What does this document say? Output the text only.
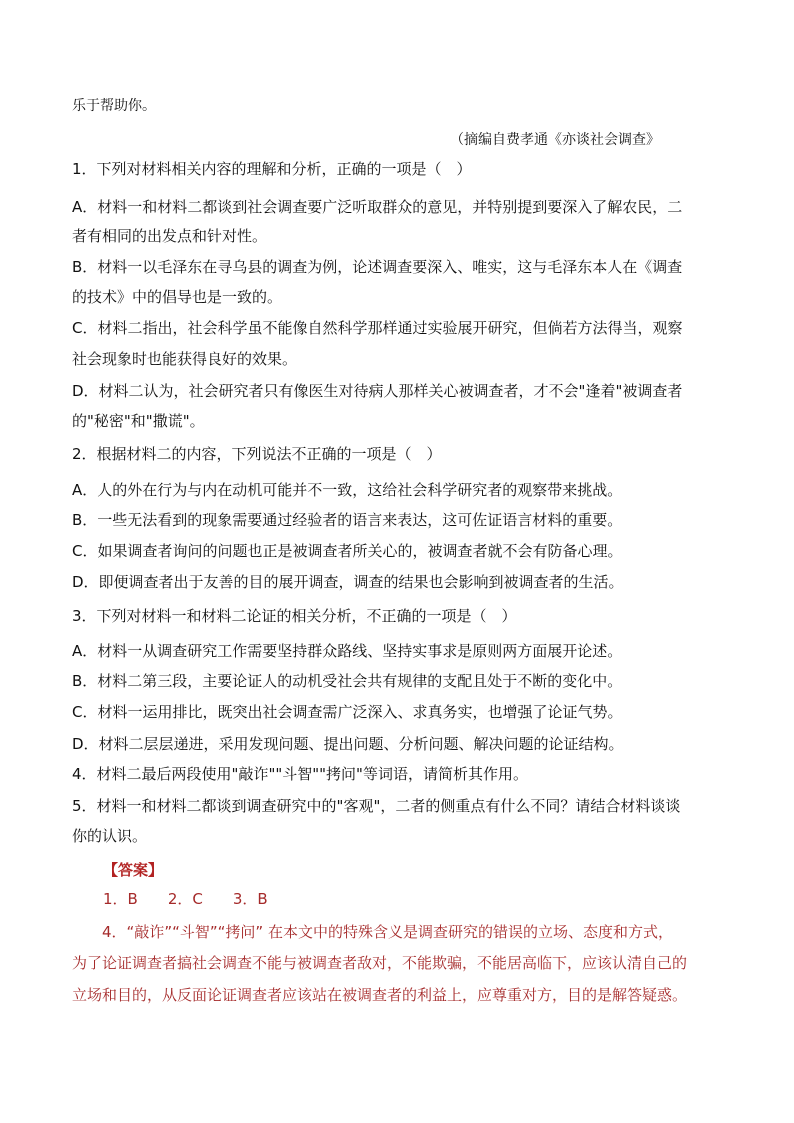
乐于帮助你。
（摘编自费孝通《亦谈社会调查》
1．下列对材料相关内容的理解和分析，正确的一项是（　）
A．材料一和材料二都谈到社会调查要广泛听取群众的意见，并特别提到要深入了解农民，二
者有相同的出发点和针对性。
B．材料一以毛泽东在寻乌县的调查为例，论述调查要深入、唯实，这与毛泽东本人在《调查
的技术》中的倡导也是一致的。
C．材料二指出，社会科学虽不能像自然科学那样通过实验展开研究，但倘若方法得当，观察
社会现象时也能获得良好的效果。
D．材料二认为，社会研究者只有像医生对待病人那样关心被调查者，才不会"逢着"被调查者
的"秘密"和"撒谎"。
2．根据材料二的内容，下列说法不正确的一项是（　）
A．人的外在行为与内在动机可能并不一致，这给社会科学研究者的观察带来挑战。
B．一些无法看到的现象需要通过经验者的语言来表达，这可佐证语言材料的重要。
C．如果调查者询问的问题也正是被调查者所关心的，被调查者就不会有防备心理。
D．即便调查者出于友善的目的展开调查，调查的结果也会影响到被调查者的生活。
3．下列对材料一和材料二论证的相关分析，不正确的一项是（　）
A．材料一从调查研究工作需要坚持群众路线、坚持实事求是原则两方面展开论述。
B．材料二第三段，主要论证人的动机受社会共有规律的支配且处于不断的变化中。
C．材料一运用排比，既突出社会调查需广泛深入、求真务实，也增强了论证气势。
D．材料二层层递进，采用发现问题、提出问题、分析问题、解决问题的论证结构。
4．材料二最后两段使用"敲诈""斗智""拷问"等词语，请简析其作用。
5．材料一和材料二都谈到调查研究中的"客观"，二者的侧重点有什么不同？请结合材料谈谈
你的认识。
【答案】
1．B　　2．C　　3．B
4．“敲诈”“斗智”“拷问” 在本文中的特殊含义是调查研究的错误的立场、态度和方式，
为了论证调查者搞社会调查不能与被调查者敌对，不能欺骗，不能居高临下，应该认清自己的
立场和目的，从反面论证调查者应该站在被调查者的利益上，应尊重对方，目的是解答疑惑。
